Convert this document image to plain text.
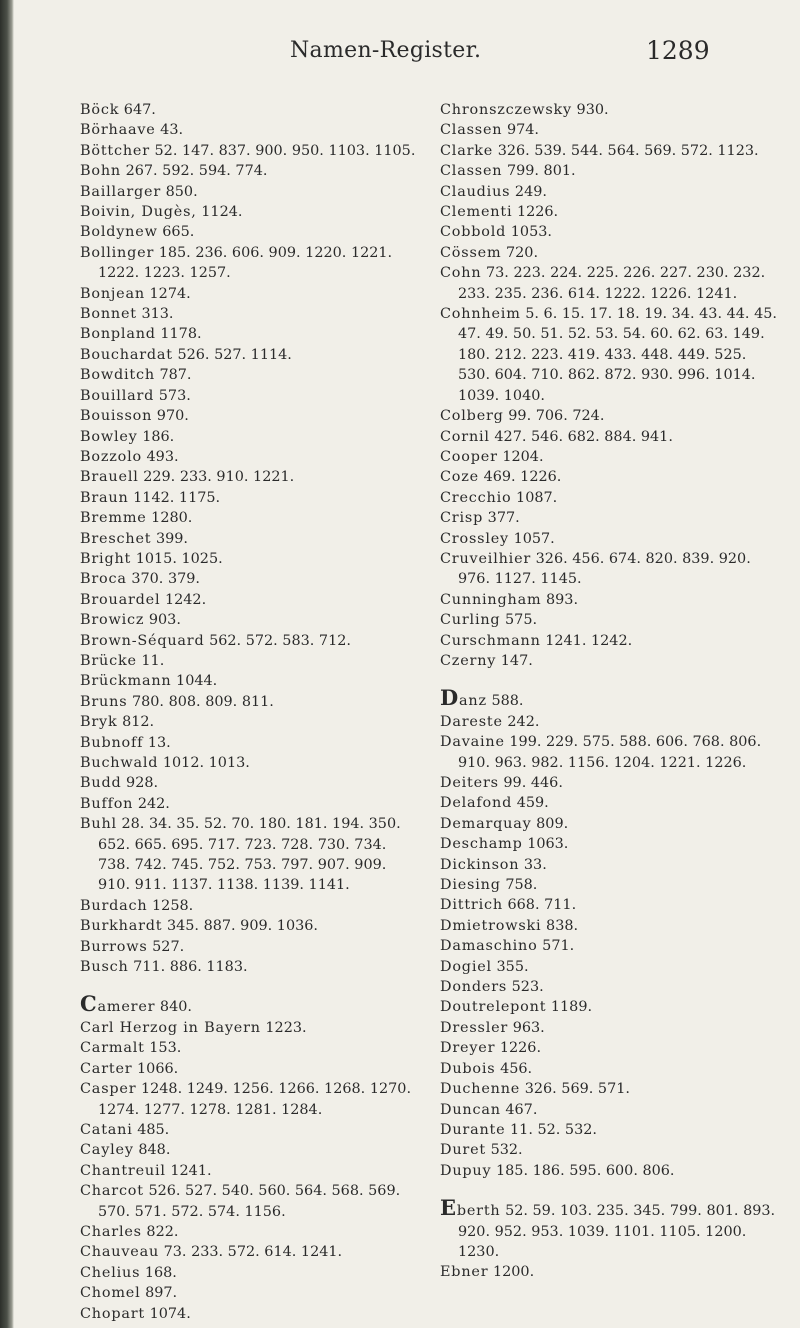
Namen-Register.	1289
Böck 647.
Börhaave 43.
Böttcher 52. 147. 837. 900. 950. 1103. 1105.
Bohn 267. 592. 594. 774.
Baillarger 850.
Boivin, Dugès, 1124.
Boldynew 665.
Bollinger 185. 236. 606. 909. 1220. 1221. 1222. 1223. 1257.
Bonjean 1274.
Bonnet 313.
Bonpland 1178.
Bouchardat 526. 527. 1114.
Bowditch 787.
Bouillard 573.
Bouisson 970.
Bowley 186.
Bozzolo 493.
Brauell 229. 233. 910. 1221.
Braun 1142. 1175.
Bremme 1280.
Breschet 399.
Bright 1015. 1025.
Broca 370. 379.
Brouardel 1242.
Browicz 903.
Brown-Séquard 562. 572. 583. 712.
Brücke 11.
Brückmann 1044.
Bruns 780. 808. 809. 811.
Bryk 812.
Bubnoff 13.
Buchwald 1012. 1013.
Budd 928.
Buffon 242.
Buhl 28. 34. 35. 52. 70. 180. 181. 194. 350. 652. 665. 695. 717. 723. 728. 730. 734. 738. 742. 745. 752. 753. 797. 907. 909. 910. 911. 1137. 1138. 1139. 1141.
Burdach 1258.
Burkhardt 345. 887. 909. 1036.
Burrows 527.
Busch 711. 886. 1183.
Camerer 840.
Carl Herzog in Bayern 1223.
Carmalt 153.
Carter 1066.
Casper 1248. 1249. 1256. 1266. 1268. 1270. 1274. 1277. 1278. 1281. 1284.
Catani 485.
Cayley 848.
Chantreuil 1241.
Charcot 526. 527. 540. 560. 564. 568. 569. 570. 571. 572. 574. 1156.
Charles 822.
Chauveau 73. 233. 572. 614. 1241.
Chelius 168.
Chomel 897.
Chopart 1074.
Chronszczewsky 930.
Classen 974.
Clarke 326. 539. 544. 564. 569. 572. 1123.
Classen 799. 801.
Claudius 249.
Clementi 1226.
Cobbold 1053.
Cössem 720.
Cohn 73. 223. 224. 225. 226. 227. 230. 232. 233. 235. 236. 614. 1222. 1226. 1241.
Cohnheim 5. 6. 15. 17. 18. 19. 34. 43. 44. 45. 47. 49. 50. 51. 52. 53. 54. 60. 62. 63. 149. 180. 212. 223. 419. 433. 448. 449. 525. 530. 604. 710. 862. 872. 930. 996. 1014. 1039. 1040.
Colberg 99. 706. 724.
Cornil 427. 546. 682. 884. 941.
Cooper 1204.
Coze 469. 1226.
Crecchio 1087.
Crisp 377.
Crossley 1057.
Cruveilhier 326. 456. 674. 820. 839. 920. 976. 1127. 1145.
Cunningham 893.
Curling 575.
Curschmann 1241. 1242.
Czerny 147.
Danz 588.
Dareste 242.
Davaine 199. 229. 575. 588. 606. 768. 806. 910. 963. 982. 1156. 1204. 1221. 1226.
Deiters 99. 446.
Delafond 459.
Demarquay 809.
Deschamp 1063.
Dickinson 33.
Diesing 758.
Dittrich 668. 711.
Dmietrowski 838.
Damaschino 571.
Dogiel 355.
Donders 523.
Doutrelepont 1189.
Dressler 963.
Dreyer 1226.
Dubois 456.
Duchenne 326. 569. 571.
Duncan 467.
Durante 11. 52. 532.
Duret 532.
Dupuy 185. 186. 595. 600. 806.
Eberth 52. 59. 103. 235. 345. 799. 801. 893. 920. 952. 953. 1039. 1101. 1105. 1200. 1230.
Ebner 1200.
